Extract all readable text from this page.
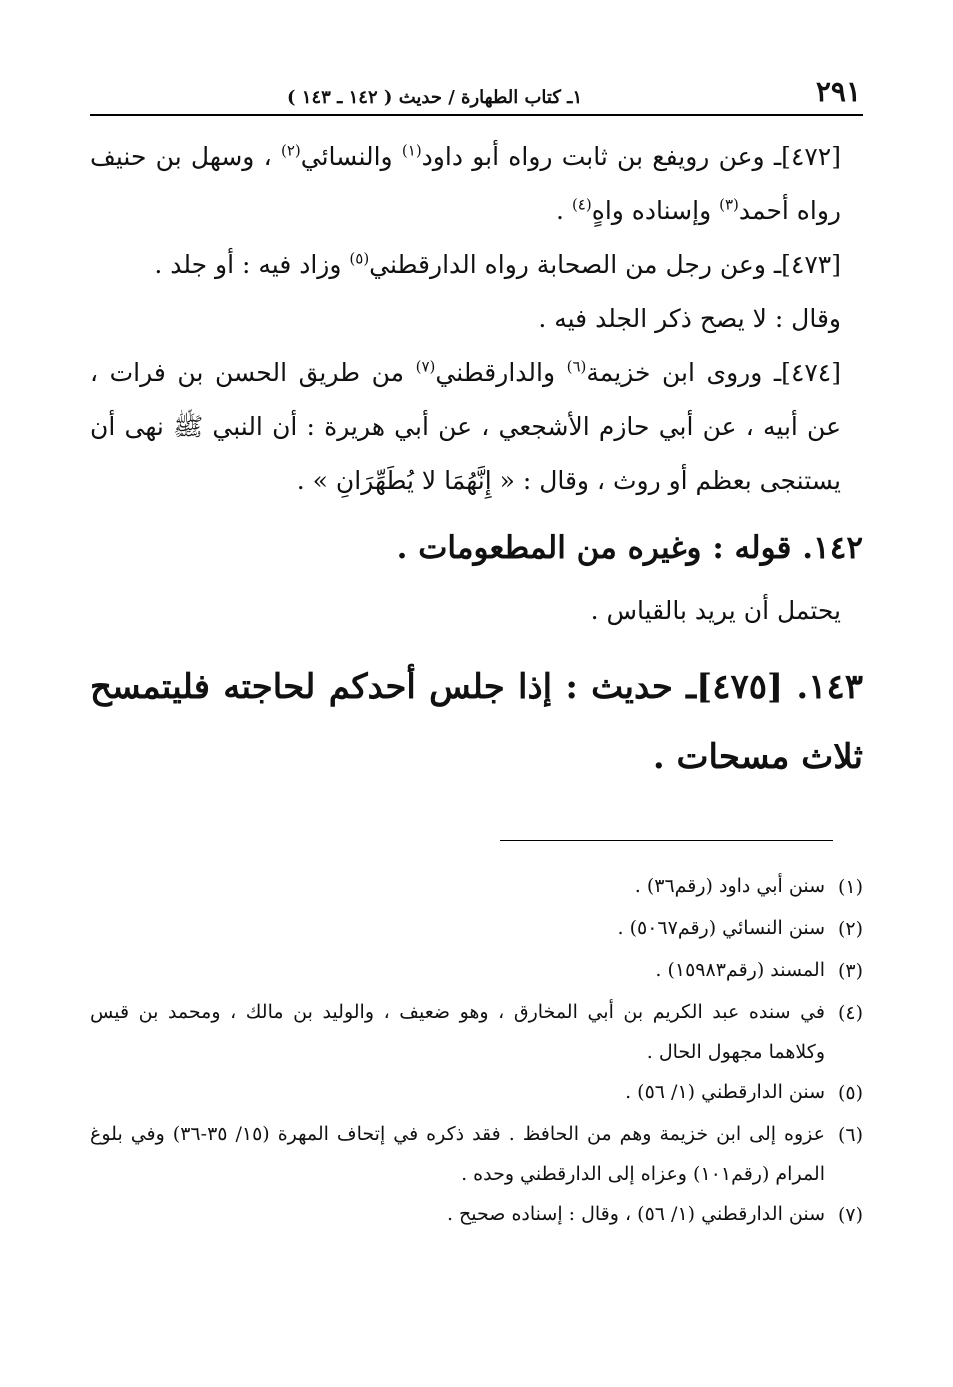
٢٩١
١ـ كتاب الطهارة / حديث ( ١٤٢ ـ ١٤٣ )

[٤٧٢]ـ وعن رويفع بن ثابت رواه أبو داود$^{(١)}$ والنسائي$^{(٢)}$ ، وسهل بن حنيف رواه أحمد$^{(٣)}$ وإسناده واهٍ$^{(٤)}$ .

[٤٧٣]ـ وعن رجل من الصحابة رواه الدارقطني$^{(٥)}$ وزاد فيه : أو جلد .

وقال : لا يصح ذكر الجلد فيه .

[٤٧٤]ـ وروى ابن خزيمة$^{(٦)}$ والدارقطني$^{(٧)}$ من طريق الحسن بن فرات ، عن أبيه ، عن أبي حازم الأشجعي ، عن أبي هريرة : أن النبي ﷺ نهى أن يستنجى بعظم أو روث ، وقال : « إِنَّهُمَا لا يُطَهِّرَانِ » .

١٤٢. قوله : وغيره من المطعومات .

يحتمل أن يريد بالقياس .

١٤٣. [٤٧٥]ـ حديث : إذا جلس أحدكم لحاجته فليتمسح ثلاث مسحات .
(١)
سنن أبي داود (رقم٣٦) .
(٢)
سنن النسائي (رقم٥٠٦٧) .
(٣)
المسند (رقم١٥٩٨٣) .
(٤)
في سنده عبد الكريم بن أبي المخارق ، وهو ضعيف ، والوليد بن مالك ، ومحمد بن قيس وكلاهما مجهول الحال .
(٥)
سنن الدارقطني (١/ ٥٦) .
(٦)
عزوه إلى ابن خزيمة وهم من الحافظ . فقد ذكره في إتحاف المهرة (١٥/ ٣٥-٣٦) وفي بلوغ المرام (رقم١٠١) وعزاه إلى الدارقطني وحده .
(٧)
سنن الدارقطني (١/ ٥٦) ، وقال : إسناده صحيح .
